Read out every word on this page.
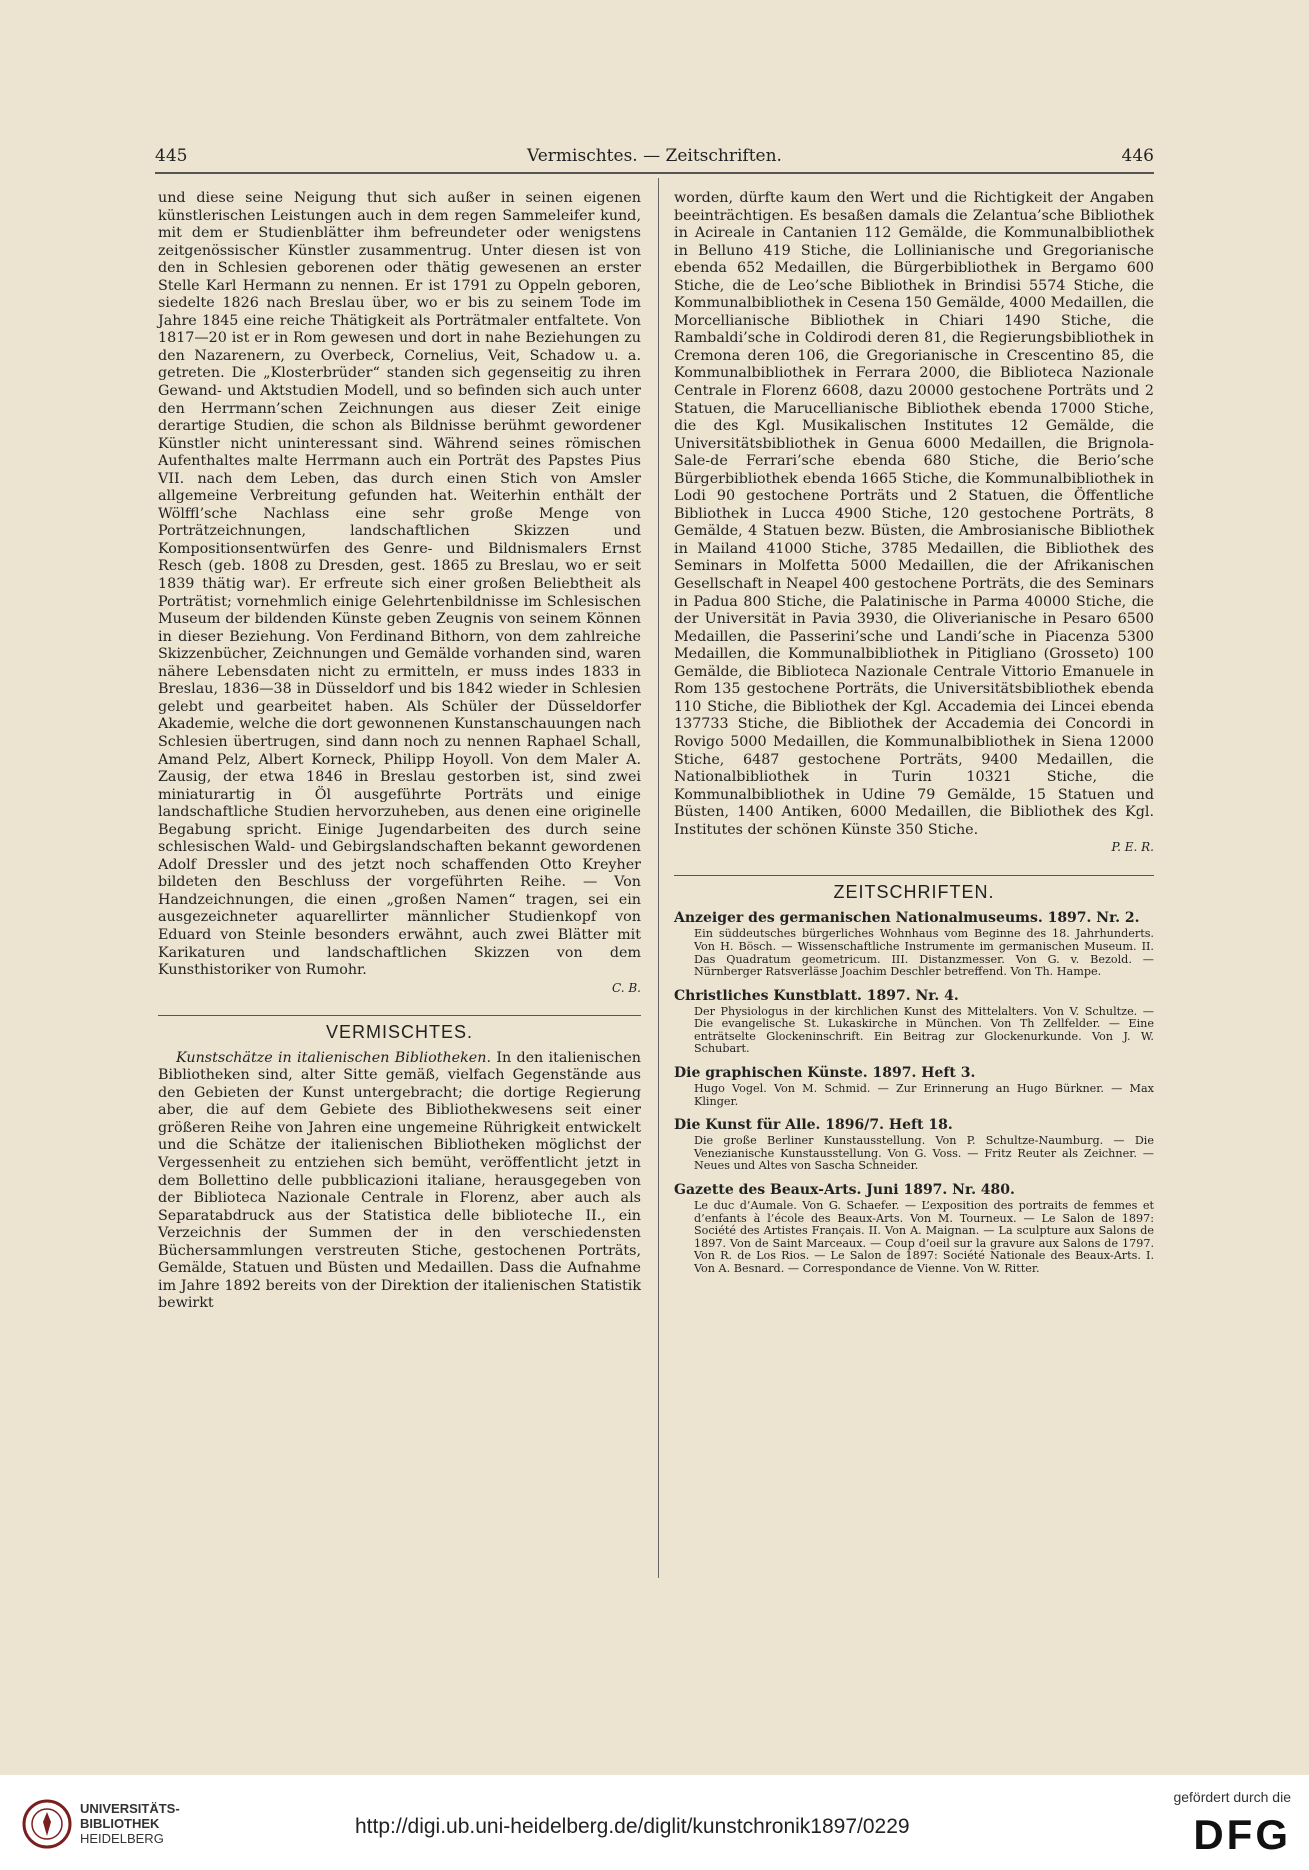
445	Vermischtes. — Zeitschriften.	446

und diese seine Neigung thut sich außer in seinen eigenen künstlerischen Leistungen auch in dem regen Sammeleifer kund, mit dem er Studienblätter ihm befreundeter oder wenigstens zeitgenössischer Künstler zusammentrug. Unter diesen ist von den in Schlesien geborenen oder thätig gewesenen an erster Stelle Karl Hermann zu nennen. Er ist 1791 zu Oppeln geboren, siedelte 1826 nach Breslau über, wo er bis zu seinem Tode im Jahre 1845 eine reiche Thätigkeit als Porträtmaler entfaltete. Von 1817—20 ist er in Rom gewesen und dort in nahe Beziehungen zu den Nazarenern, zu Overbeck, Cornelius, Veit, Schadow u. a. getreten. Die „Klosterbrüder“ standen sich gegenseitig zu ihren Gewand- und Aktstudien Modell, und so befinden sich auch unter den Herrmann’schen Zeichnungen aus dieser Zeit einige derartige Studien, die schon als Bildnisse berühmt gewordener Künstler nicht uninteressant sind. Während seines römischen Aufenthaltes malte Herrmann auch ein Porträt des Papstes Pius VII. nach dem Leben, das durch einen Stich von Amsler allgemeine Verbreitung gefunden hat. Weiterhin enthält der Wölffl’sche Nachlass eine sehr große Menge von Porträtzeichnungen, landschaftlichen Skizzen und Kompositionsentwürfen des Genre- und Bildnismalers Ernst Resch (geb. 1808 zu Dresden, gest. 1865 zu Breslau, wo er seit 1839 thätig war). Er erfreute sich einer großen Beliebtheit als Porträtist; vornehmlich einige Gelehrtenbildnisse im Schlesischen Museum der bildenden Künste geben Zeugnis von seinem Können in dieser Beziehung. Von Ferdinand Bithorn, von dem zahlreiche Skizzenbücher, Zeichnungen und Gemälde vorhanden sind, waren nähere Lebensdaten nicht zu ermitteln, er muss indes 1833 in Breslau, 1836—38 in Düsseldorf und bis 1842 wieder in Schlesien gelebt und gearbeitet haben. Als Schüler der Düsseldorfer Akademie, welche die dort gewonnenen Kunstanschauungen nach Schlesien übertrugen, sind dann noch zu nennen Raphael Schall, Amand Pelz, Albert Korneck, Philipp Hoyoll. Von dem Maler A. Zausig, der etwa 1846 in Breslau gestorben ist, sind zwei miniaturartig in Öl ausgeführte Porträts und einige landschaftliche Studien hervorzuheben, aus denen eine originelle Begabung spricht. Einige Jugendarbeiten des durch seine schlesischen Wald- und Gebirgslandschaften bekannt gewordenen Adolf Dressler und des jetzt noch schaffenden Otto Kreyher bildeten den Beschluss der vorgeführten Reihe. — Von Handzeichnungen, die einen „großen Namen“ tragen, sei ein ausgezeichneter aquarellirter männlicher Studienkopf von Eduard von Steinle besonders erwähnt, auch zwei Blätter mit Karikaturen und landschaftlichen Skizzen von dem Kunsthistoriker von Rumohr.

C. B.
VERMISCHTES.

Kunstschätze in italienischen Bibliotheken. In den italienischen Bibliotheken sind, alter Sitte gemäß, vielfach Gegenstände aus den Gebieten der Kunst untergebracht; die dortige Regierung aber, die auf dem Gebiete des Bibliothekwesens seit einer größeren Reihe von Jahren eine ungemeine Rührigkeit entwickelt und die Schätze der italienischen Bibliotheken möglichst der Vergessenheit zu entziehen sich bemüht, veröffentlicht jetzt in dem Bollettino delle pubblicazioni italiane, herausgegeben von der Biblioteca Nazionale Centrale in Florenz, aber auch als Separatabdruck aus der Statistica delle biblioteche II., ein Verzeichnis der Summen der in den verschiedensten Büchersammlungen verstreuten Stiche, gestochenen Porträts, Gemälde, Statuen und Büsten und Medaillen. Dass die Aufnahme im Jahre 1892 bereits von der Direktion der italienischen Statistik bewirkt

worden, dürfte kaum den Wert und die Richtigkeit der Angaben beeinträchtigen. Es besaßen damals die Zelantua’sche Bibliothek in Acireale in Cantanien 112 Gemälde, die Kommunalbibliothek in Belluno 419 Stiche, die Lollinianische und Gregorianische ebenda 652 Medaillen, die Bürgerbibliothek in Bergamo 600 Stiche, die de Leo’sche Bibliothek in Brindisi 5574 Stiche, die Kommunalbibliothek in Cesena 150 Gemälde, 4000 Medaillen, die Morcellianische Bibliothek in Chiari 1490 Stiche, die Rambaldi’sche in Coldirodi deren 81, die Regierungsbibliothek in Cremona deren 106, die Gregorianische in Crescentino 85, die Kommunalbibliothek in Ferrara 2000, die Biblioteca Nazionale Centrale in Florenz 6608, dazu 20000 gestochene Porträts und 2 Statuen, die Marucellianische Bibliothek ebenda 17000 Stiche, die des Kgl. Musikalischen Institutes 12 Gemälde, die Universitätsbibliothek in Genua 6000 Medaillen, die Brignola-Sale-de Ferrari’sche ebenda 680 Stiche, die Berio’sche Bürgerbibliothek ebenda 1665 Stiche, die Kommunalbibliothek in Lodi 90 gestochene Porträts und 2 Statuen, die Öffentliche Bibliothek in Lucca 4900 Stiche, 120 gestochene Porträts, 8 Gemälde, 4 Statuen bezw. Büsten, die Ambrosianische Bibliothek in Mailand 41000 Stiche, 3785 Medaillen, die Bibliothek des Seminars in Molfetta 5000 Medaillen, die der Afrikanischen Gesellschaft in Neapel 400 gestochene Porträts, die des Seminars in Padua 800 Stiche, die Palatinische in Parma 40000 Stiche, die der Universität in Pavia 3930, die Oliverianische in Pesaro 6500 Medaillen, die Passerini’sche und Landi’sche in Piacenza 5300 Medaillen, die Kommunalbibliothek in Pitigliano (Grosseto) 100 Gemälde, die Biblioteca Nazionale Centrale Vittorio Emanuele in Rom 135 gestochene Porträts, die Universitätsbibliothek ebenda 110 Stiche, die Bibliothek der Kgl. Accademia dei Lincei ebenda 137733 Stiche, die Bibliothek der Accademia dei Concordi in Rovigo 5000 Medaillen, die Kommunalbibliothek in Siena 12000 Stiche, 6487 gestochene Porträts, 9400 Medaillen, die Nationalbibliothek in Turin 10321 Stiche, die Kommunalbibliothek in Udine 79 Gemälde, 15 Statuen und Büsten, 1400 Antiken, 6000 Medaillen, die Bibliothek des Kgl. Institutes der schönen Künste 350 Stiche.

P. E. R.
ZEITSCHRIFTEN.
Anzeiger des germanischen Nationalmuseums. 1897. Nr. 2.

Ein süddeutsches bürgerliches Wohnhaus vom Beginne des 18. Jahrhunderts. Von H. Bösch. — Wissenschaftliche Instrumente im germanischen Museum. II. Das Quadratum geometricum. III. Distanzmesser. Von G. v. Bezold. — Nürnberger Ratsverlässe Joachim Deschler betreffend. Von Th. Hampe.

Christliches Kunstblatt. 1897. Nr. 4.

Der Physiologus in der kirchlichen Kunst des Mittelalters. Von V. Schultze. — Die evangelische St. Lukaskirche in München. Von Th Zellfelder. — Eine enträtselte Glockeninschrift. Ein Beitrag zur Glockenurkunde. Von J. W. Schubart.

Die graphischen Künste. 1897. Heft 3.

Hugo Vogel. Von M. Schmid. — Zur Erinnerung an Hugo Bürkner. — Max Klinger.

Die Kunst für Alle. 1896/7. Heft 18.

Die große Berliner Kunstausstellung. Von P. Schultze-Naumburg. — Die Venezianische Kunstausstellung. Von G. Voss. — Fritz Reuter als Zeichner. — Neues und Altes von Sascha Schneider.

Gazette des Beaux-Arts. Juni 1897. Nr. 480.

Le duc d’Aumale. Von G. Schaefer. — L’exposition des portraits de femmes et d’enfants à l’école des Beaux-Arts. Von M. Tourneux. — Le Salon de 1897: Société des Artistes Français. II. Von A. Maignan. — La sculpture aux Salons de 1897. Von de Saint Marceaux. — Coup d’oeil sur la gravure aux Salons de 1797. Von R. de Los Rios. — Le Salon de 1897: Société Nationale des Beaux-Arts. I. Von A. Besnard. — Correspondance de Vienne. Von W. Ritter.

UNIVERSITÄTS-
BIBLIOTHEK
HEIDELBERG
http://digi.ub.uni-heidelberg.de/diglit/kunstchronik1897/0229
gefördert durch die
DFG
